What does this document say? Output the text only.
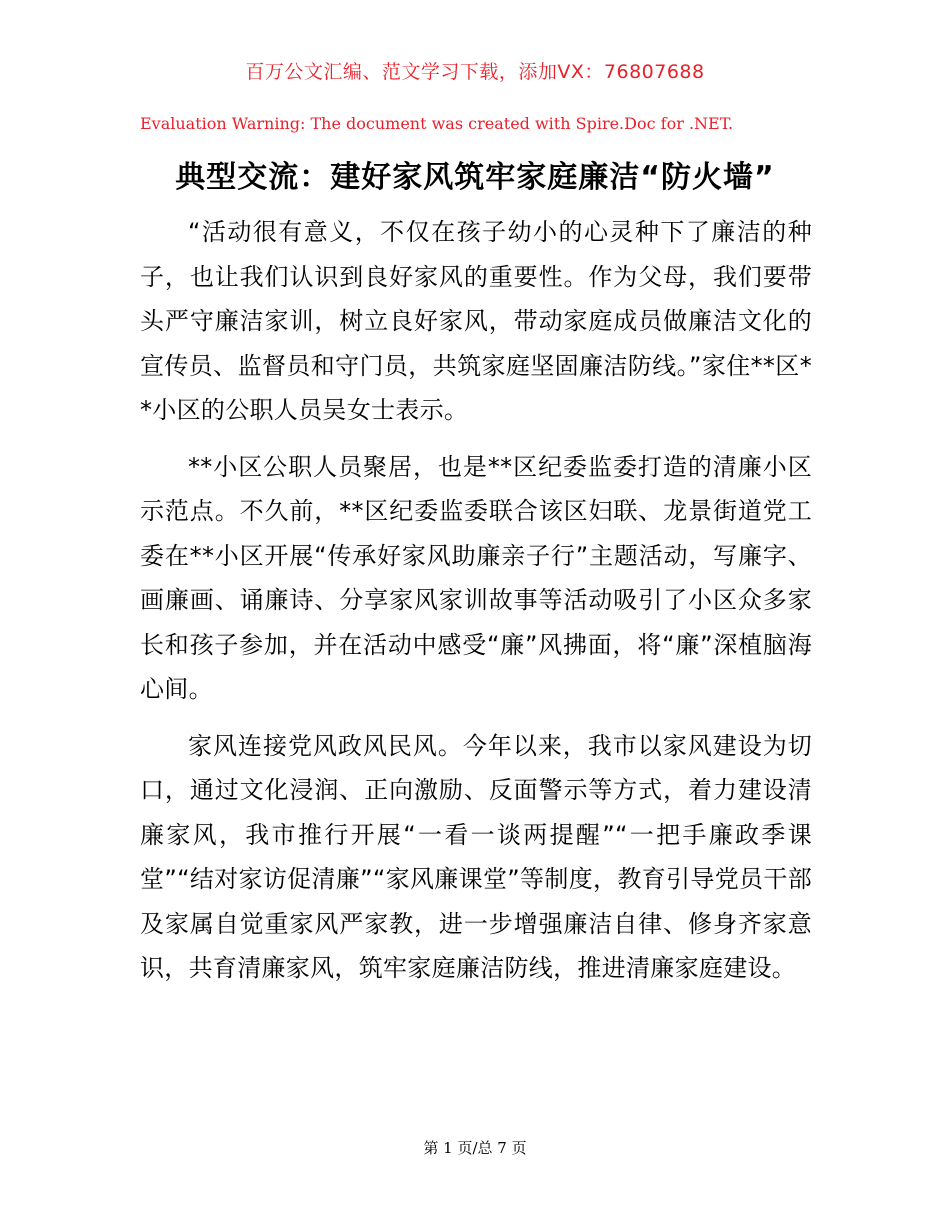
百万公文汇编、范文学习下载，添加VX：76807688
Evaluation Warning: The document was created with Spire.Doc for .NET.
典型交流：建好家风筑牢家庭廉洁“防火墙”

“活动很有意义，不仅在孩子幼小的心灵种下了廉洁的种子，也让我们认识到良好家风的重要性。作为父母，我们要带头严守廉洁家训，树立良好家风，带动家庭成员做廉洁文化的宣传员、监督员和守门员，共筑家庭坚固廉洁防线。”家住**区**小区的公职人员吴女士表示。

**小区公职人员聚居，也是**区纪委监委打造的清廉小区示范点。不久前，**区纪委监委联合该区妇联、龙景街道党工委在**小区开展“传承好家风助廉亲子行”主题活动，写廉字、画廉画、诵廉诗、分享家风家训故事等活动吸引了小区众多家长和孩子参加，并在活动中感受“廉”风拂面，将“廉”深植脑海心间。

家风连接党风政风民风。今年以来，我市以家风建设为切口，通过文化浸润、正向激励、反面警示等方式，着力建设清廉家风，我市推行开展“一看一谈两提醒”“一把手廉政季课堂”“结对家访促清廉”“家风廉课堂”等制度，教育引导党员干部及家属自觉重家风严家教，进一步增强廉洁自律、修身齐家意识，共育清廉家风，筑牢家庭廉洁防线，推进清廉家庭建设。

第 1 页/总 7 页
